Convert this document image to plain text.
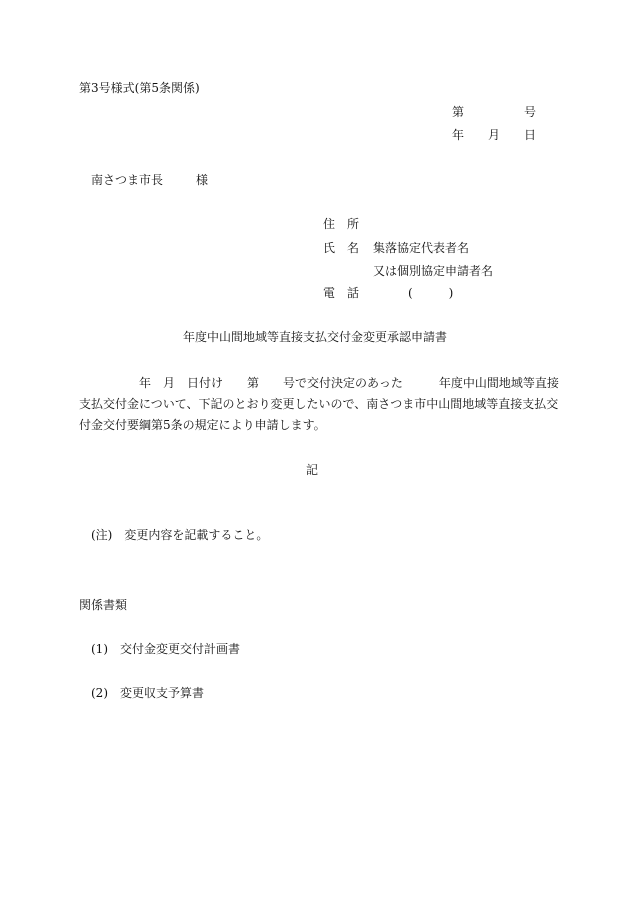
第3号様式(第5条関係)
第	号
年 月 日
南さつま市長	様
住　所
氏　名 集落協定代表者名
又は個別協定申請者名
電　話	(　　　)
年度中山間地域等直接支払交付金変更承認申請書
　　　　　年　月　日付け　　第　　号で交付決定のあった　　　年度中山間地域等直接
支払交付金について、下記のとおり変更したいので、南さつま市中山間地域等直接支払交
付金交付要綱第5条の規定により申請します。
記
(注)　変更内容を記載すること。
関係書類
(1)　交付金変更交付計画書
(2)　変更収支予算書
